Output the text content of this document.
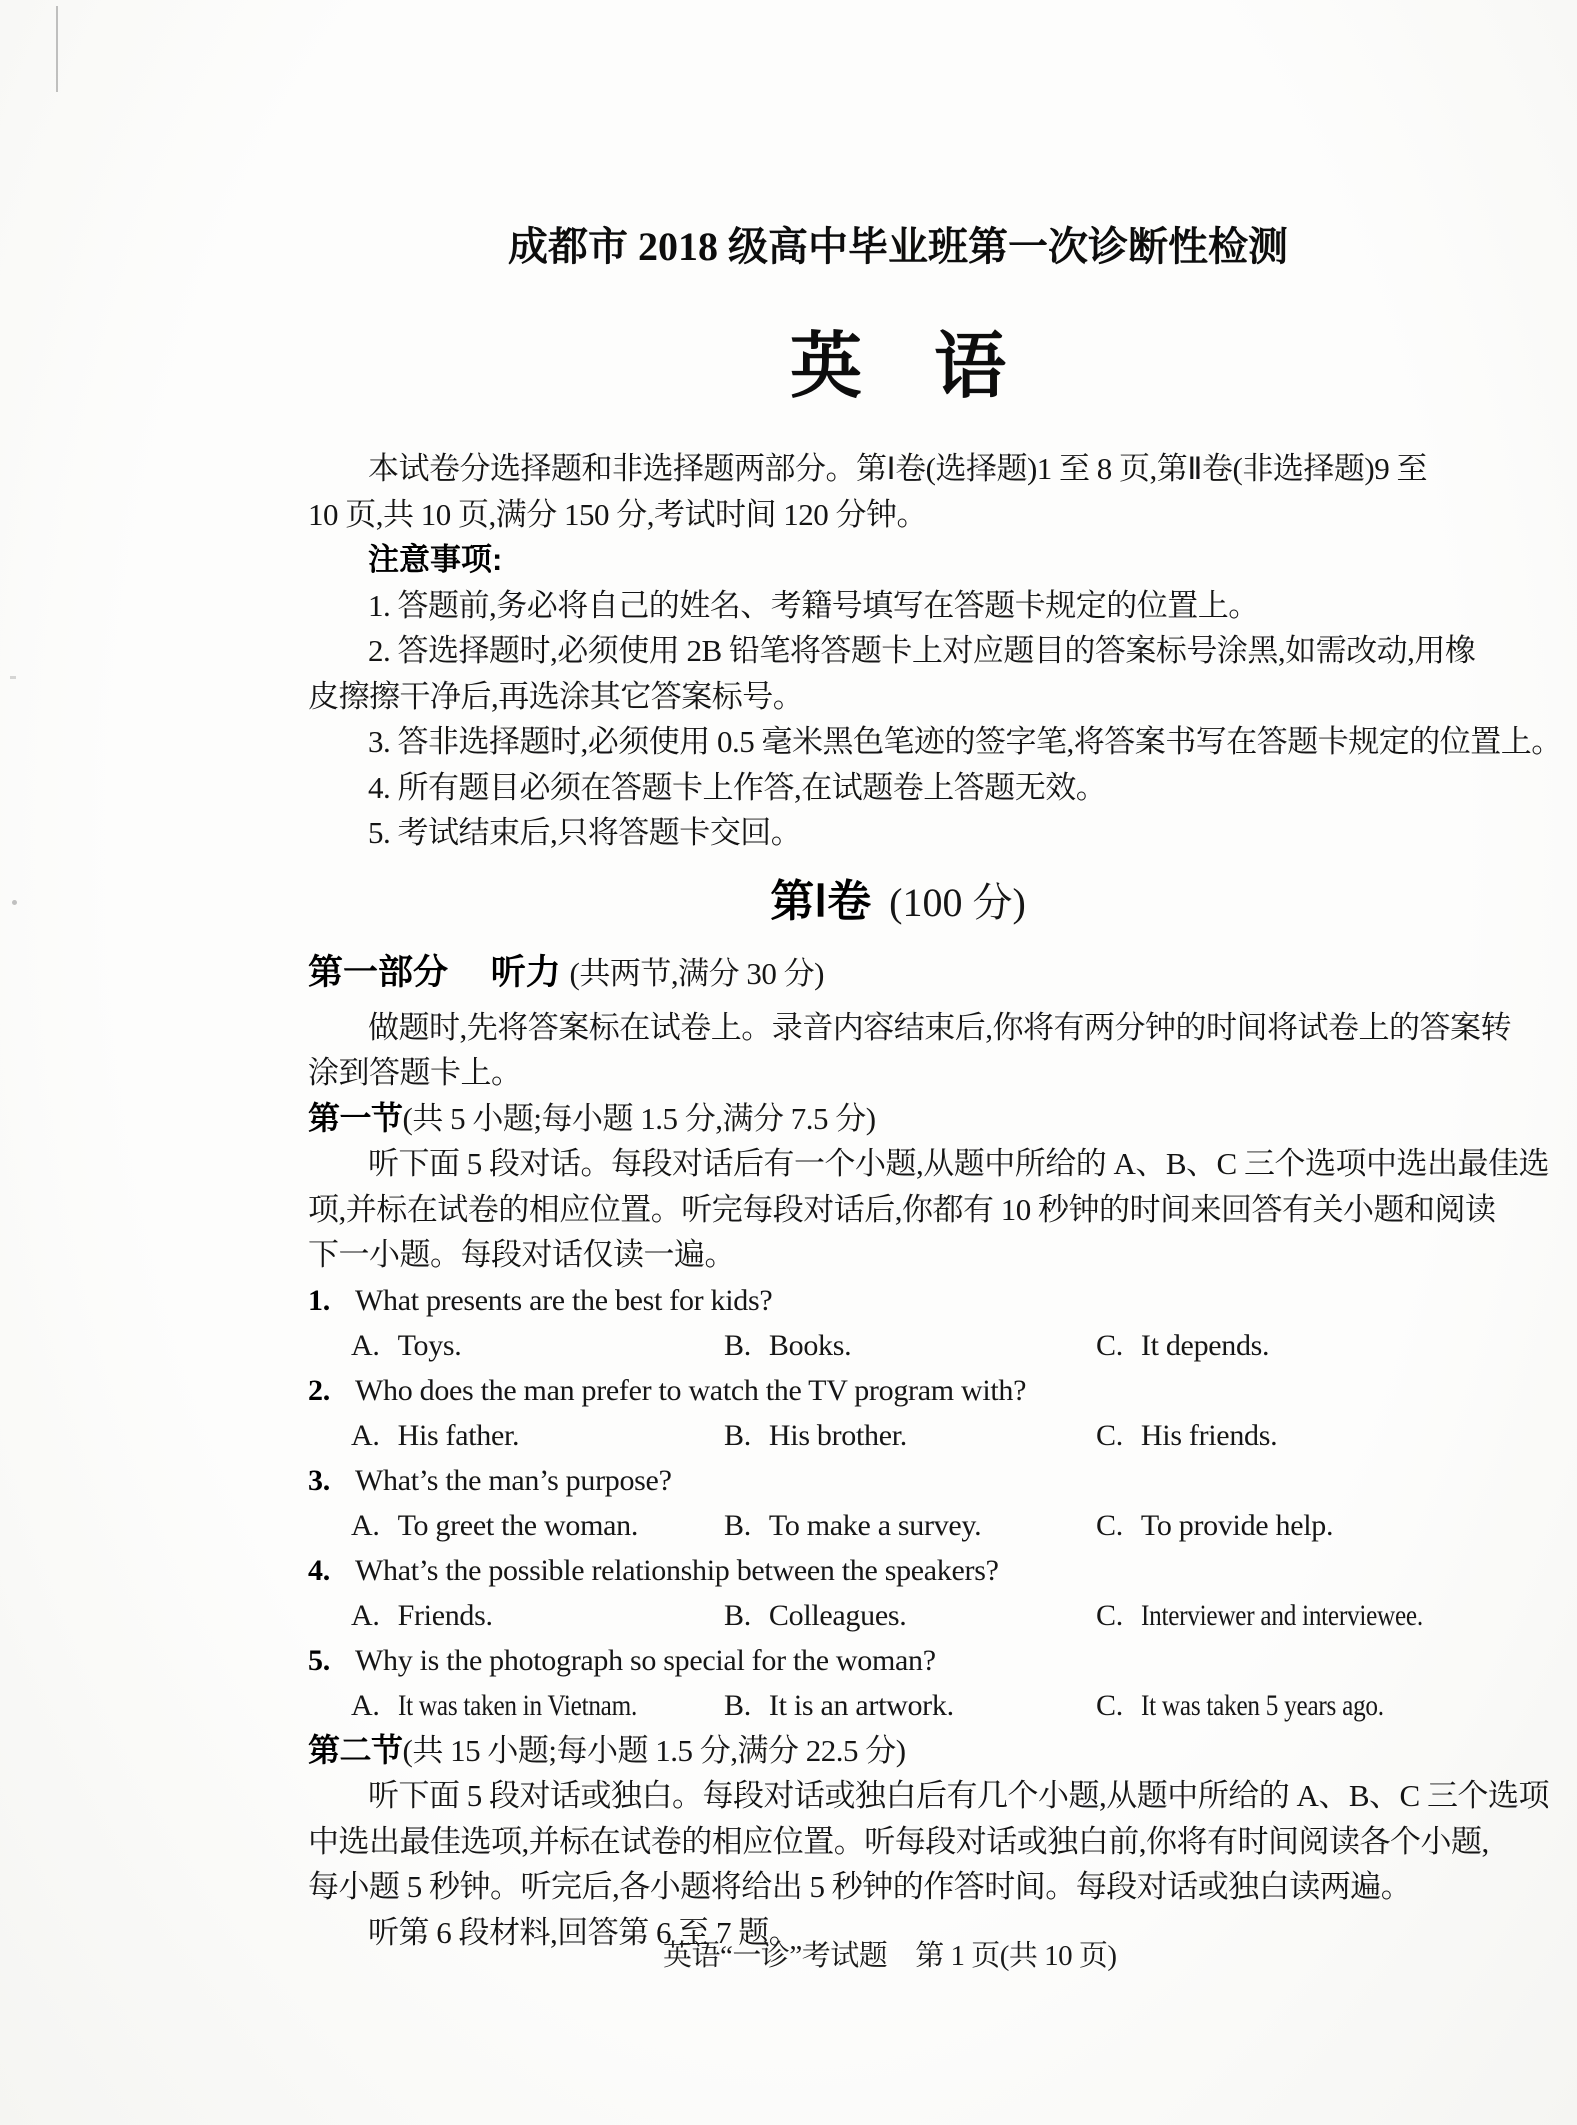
成都市 2018 级高中毕业班第一次诊断性检测
英　语

本试卷分选择题和非选择题两部分。第Ⅰ卷(选择题)1 至 8 页,第Ⅱ卷(非选择题)9 至
10 页,共 10 页,满分 150 分,考试时间 120 分钟。

注意事项:

1. 答题前,务必将自己的姓名、考籍号填写在答题卡规定的位置上。

2. 答选择题时,必须使用 2B 铅笔将答题卡上对应题目的答案标号涂黑,如需改动,用橡
皮擦擦干净后,再选涂其它答案标号。

3. 答非选择题时,必须使用 0.5 毫米黑色笔迹的签字笔,将答案书写在答题卡规定的位置上。

4. 所有题目必须在答题卡上作答,在试题卷上答题无效。

5. 考试结束后,只将答题卡交回。

第Ⅰ卷 (100 分)
第一部分 听力 (共两节,满分 30 分)

做题时,先将答案标在试卷上。录音内容结束后,你将有两分钟的时间将试卷上的答案转
涂到答题卡上。

第一节(共 5 小题;每小题 1.5 分,满分 7.5 分)

听下面 5 段对话。每段对话后有一个小题,从题中所给的 A、B、C 三个选项中选出最佳选
项,并标在试卷的相应位置。听完每段对话后,你都有 10 秒钟的时间来回答有关小题和阅读
下一小题。每段对话仅读一遍。

1. What presents are the best for kids?
A. Toys.	B. Books.	C. It depends.
2. Who does the man prefer to watch the TV program with?
A. His father.	B. His brother.	C. His friends.
3. What’s the man’s purpose?
A. To greet the woman.	B. To make a survey.	C. To provide help.
4. What’s the possible relationship between the speakers?
A. Friends.	B. Colleagues.	C. Interviewer and interviewee.
5. Why is the photograph so special for the woman?
A. It was taken in Vietnam.	B. It is an artwork.	C. It was taken 5 years ago.

第二节(共 15 小题;每小题 1.5 分,满分 22.5 分)

听下面 5 段对话或独白。每段对话或独白后有几个小题,从题中所给的 A、B、C 三个选项
中选出最佳选项,并标在试卷的相应位置。听每段对话或独白前,你将有时间阅读各个小题,
每小题 5 秒钟。听完后,各小题将给出 5 秒钟的作答时间。每段对话或独白读两遍。

听第 6 段材料,回答第 6 至 7 题。

英语“一诊”考试题 第 1 页(共 10 页)
